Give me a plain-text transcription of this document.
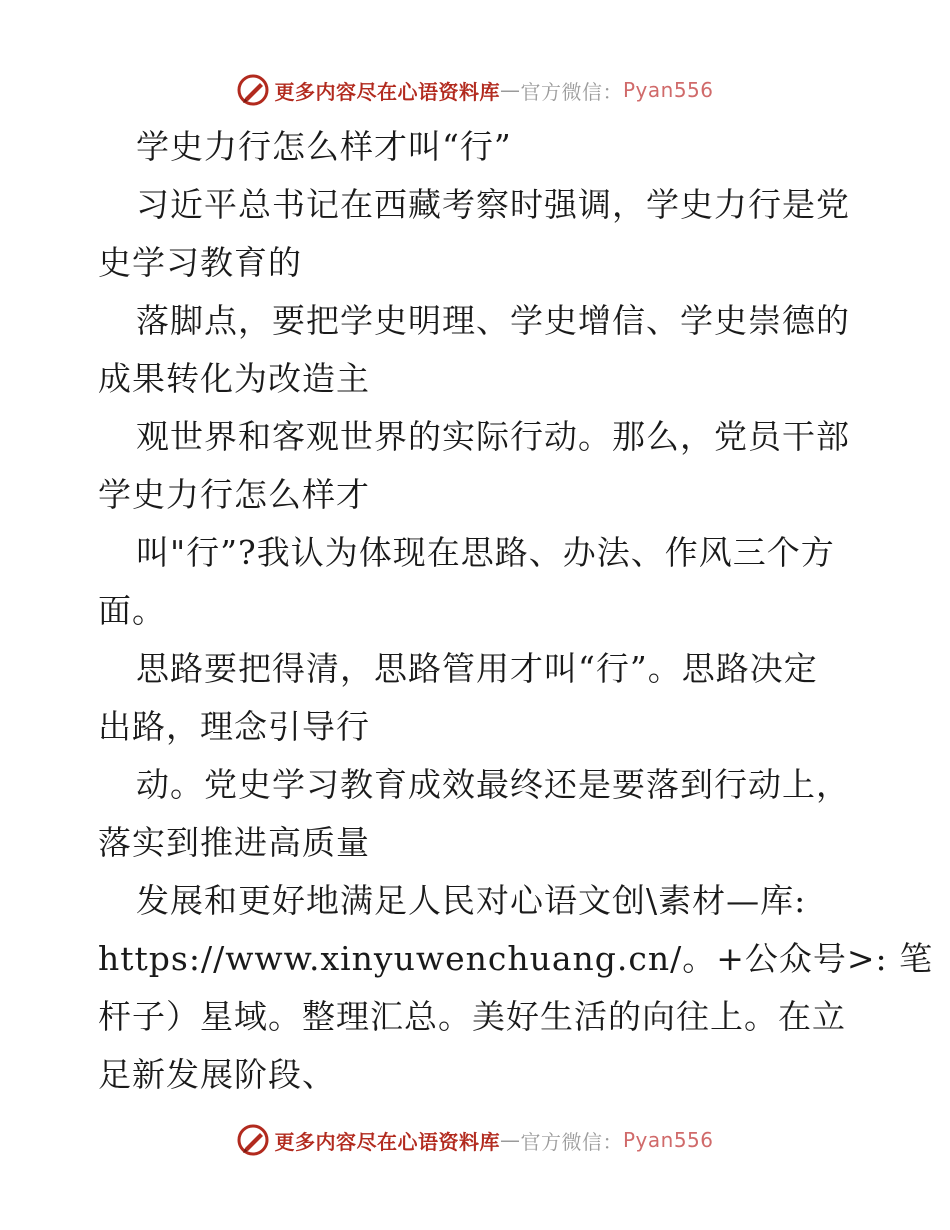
更多内容尽在心语资料库 — 官方微信： Pyan556
学史力行怎么样才叫“行”
习近平总书记在西藏考察时强调，学史力行是党
史学习教育的
落脚点，要把学史明理、学史增信、学史崇德的
成果转化为改造主
观世界和客观世界的实际行动。那么，党员干部
学史力行怎么样才
叫"行”?我认为体现在思路、办法、作风三个方
面。
思路要把得清，思路管用才叫“行”。思路决定
出路，理念引导行
动。党史学习教育成效最终还是要落到行动上，
落实到推进高质量
发展和更好地满足人民对心语文创\素材—库:
https://www.xinyuwenchuang.cn/。+公众号>: 笔
杆子）星域。整理汇总。美好生活的向往上。在立
足新发展阶段、
更多内容尽在心语资料库 — 官方微信： Pyan556
